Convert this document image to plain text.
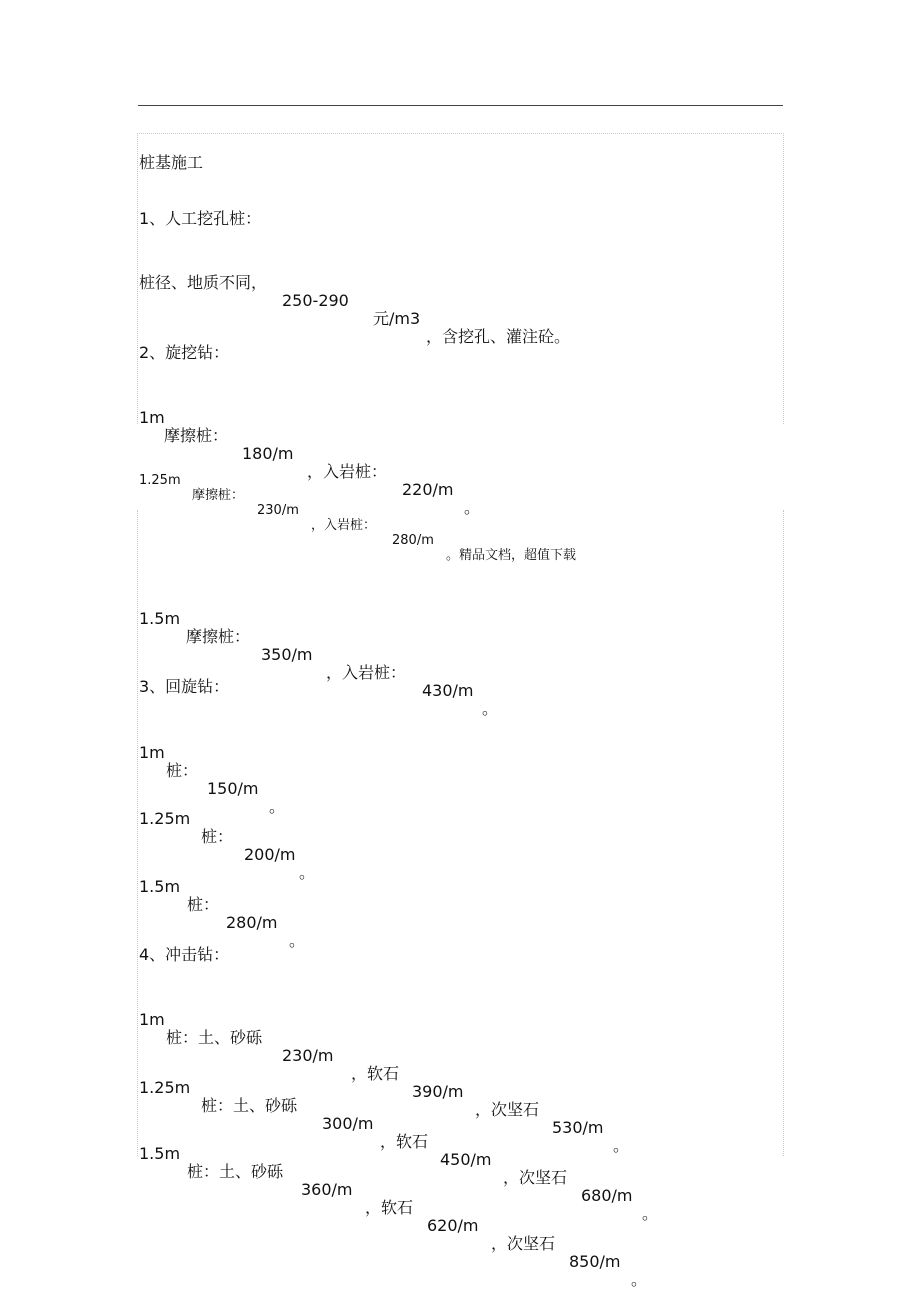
桩基施工

1、人工挖孔桩：

桩径、地质不同，

250-290

元/m3

，含挖孔、灌注砼。

2、旋挖钻：

1m

摩擦桩：

180/m

，入岩桩：

220/m

。

1.25m

摩擦桩：

230/m

，入岩桩：

280/m

。精品文档，超值下载

1.5m

摩擦桩：

350/m

，入岩桩：

430/m

。

3、回旋钻：

1m

桩：

150/m

。

1.25m

桩：

200/m

。

1.5m

桩：

280/m

。

4、冲击钻：

1m

桩：土、砂砾

230/m

，软石

390/m

，次坚石

530/m

。

1.25m

桩：土、砂砾

300/m

，软石

450/m

，次坚石

680/m

。

1.5m

桩：土、砂砾

360/m

，软石

620/m

，次坚石

850/m

。
